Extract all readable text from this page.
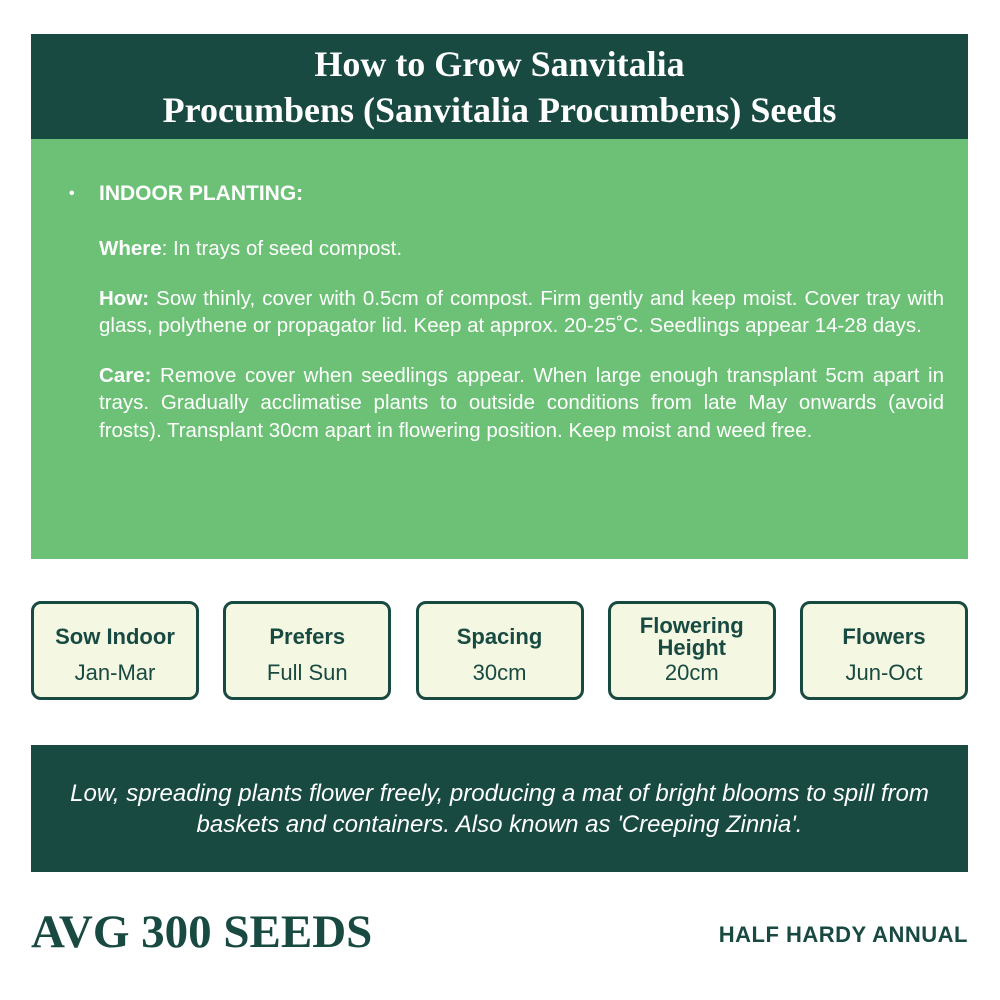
How to Grow Sanvitalia
Procumbens (Sanvitalia Procumbens) Seeds
•	INDOOR PLANTING:
Where: In trays of seed compost.
How: Sow thinly, cover with 0.5cm of compost. Firm gently and keep moist. Cover tray with glass, polythene or propagator lid. Keep at approx. 20-25˚C. Seedlings appear 14-28 days.
Care: Remove cover when seedlings appear. When large enough transplant 5cm apart in trays. Gradually acclimatise plants to outside conditions from late May onwards (avoid frosts). Transplant 30cm apart in flowering position. Keep moist and weed free.
Sow Indoor
Jan-Mar
Prefers
Full Sun
Spacing
30cm
Flowering Height
20cm
Flowers
Jun-Oct
Low, spreading plants flower freely, producing a mat of bright blooms to spill from baskets and containers. Also known as 'Creeping Zinnia'.
AVG 300 SEEDS	HALF HARDY ANNUAL
